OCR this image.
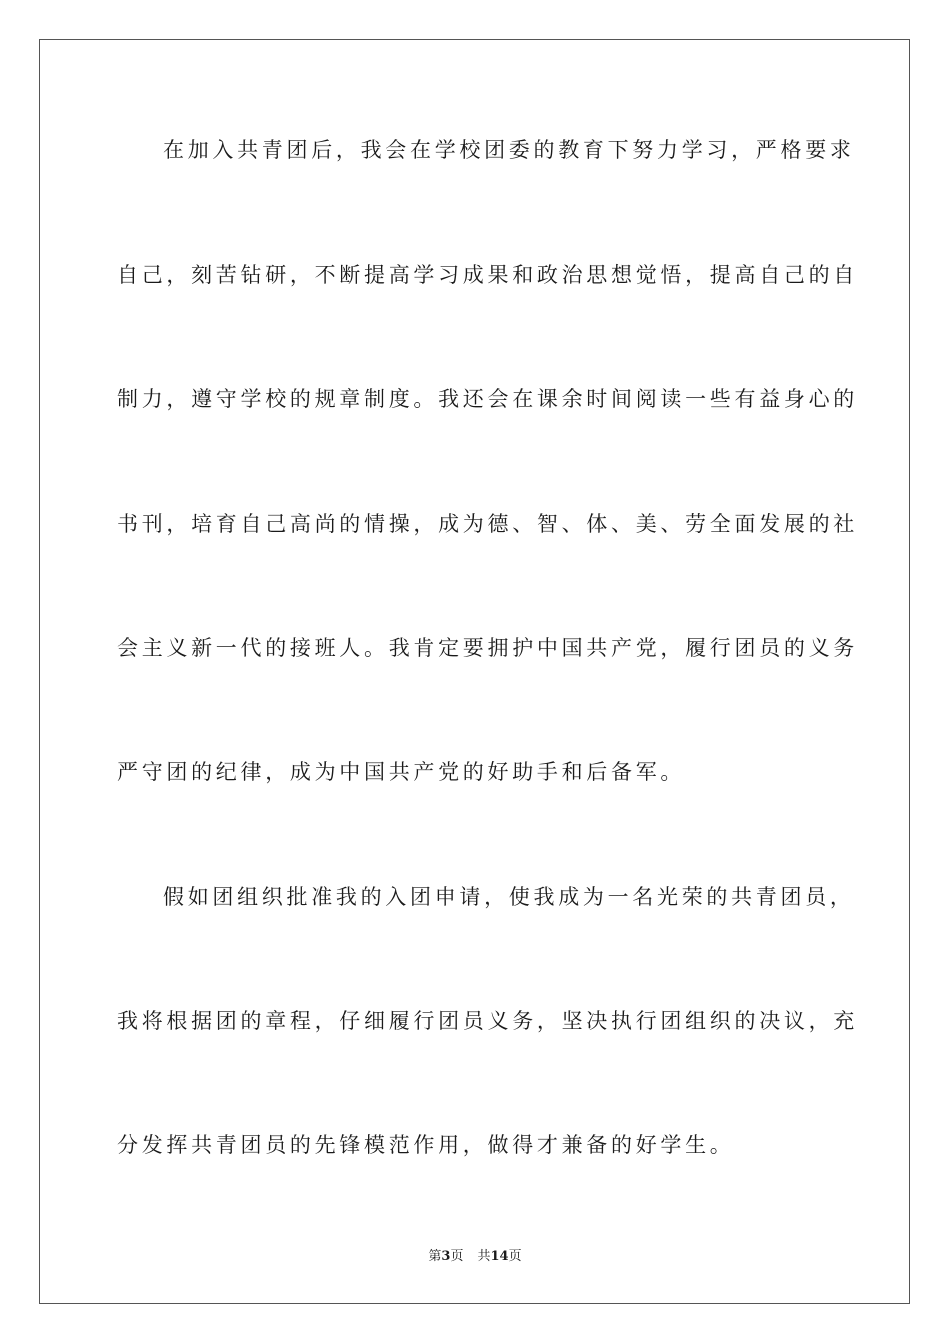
在加入共青团后，我会在学校团委的教育下努力学习，严格要求
自己，刻苦钻研，不断提高学习成果和政治思想觉悟，提高自己的自
制力，遵守学校的规章制度。我还会在课余时间阅读一些有益身心的
书刊，培育自己高尚的情操，成为德、智、体、美、劳全面发展的社
会主义新一代的接班人。我肯定要拥护中国共产党，履行团员的义务
严守团的纪律，成为中国共产党的好助手和后备军。
假如团组织批准我的入团申请，使我成为一名光荣的共青团员，
我将根据团的章程，仔细履行团员义务，坚决执行团组织的决议，充
分发挥共青团员的先锋模范作用，做得才兼备的好学生。
第3页 共14页
